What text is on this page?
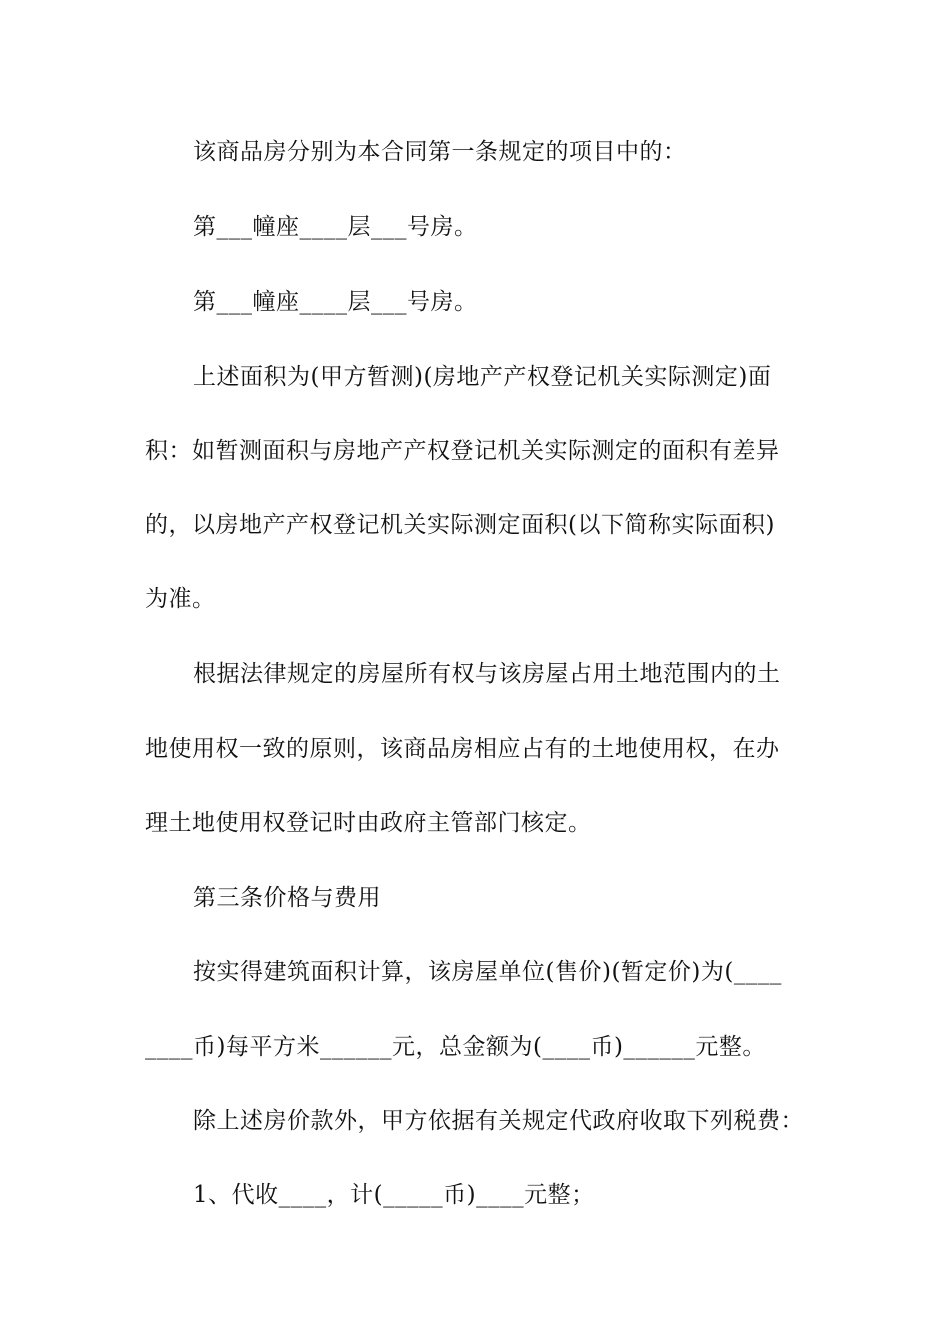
该商品房分别为本合同第一条规定的项目中的：
第___幢座____层___号房。
第___幢座____层___号房。
上述面积为(甲方暂测)(房地产产权登记机关实际测定)面
积：如暂测面积与房地产产权登记机关实际测定的面积有差异
的，以房地产产权登记机关实际测定面积(以下简称实际面积)
为准。
根据法律规定的房屋所有权与该房屋占用土地范围内的土
地使用权一致的原则，该商品房相应占有的土地使用权，在办
理土地使用权登记时由政府主管部门核定。
第三条价格与费用
按实得建筑面积计算，该房屋单位(售价)(暂定价)为(____
____币)每平方米______元，总金额为(____币)______元整。
除上述房价款外，甲方依据有关规定代政府收取下列税费：
1、代收____，计(_____币)____元整；
